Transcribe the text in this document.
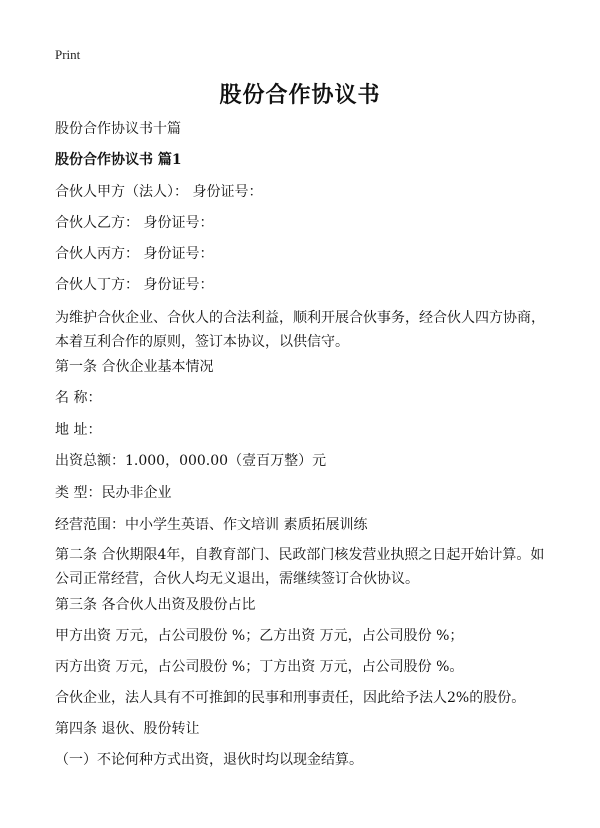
Print
股份合作协议书
股份合作协议书十篇
股份合作协议书 篇1
合伙人甲方（法人）： 身份证号：
合伙人乙方： 身份证号：
合伙人丙方： 身份证号：
合伙人丁方： 身份证号：
为维护合伙企业、合伙人的合法利益，顺利开展合伙事务，经合伙人四方协商，本着互利合作的原则，签订本协议，以供信守。
第一条 合伙企业基本情况
名 称：
地 址：
出资总额：1.000，000.00（壹百万整）元
类 型：民办非企业
经营范围：中小学生英语、作文培训 素质拓展训练
第二条 合伙期限4年，自教育部门、民政部门核发营业执照之日起开始计算。如公司正常经营，合伙人均无义退出，需继续签订合伙协议。
第三条 各合伙人出资及股份占比
甲方出资 万元，占公司股份 %；乙方出资 万元，占公司股份 %；
丙方出资 万元，占公司股份 %；丁方出资 万元，占公司股份 %。
合伙企业，法人具有不可推卸的民事和刑事责任，因此给予法人2%的股份。
第四条 退伙、股份转让
（一）不论何种方式出资，退伙时均以现金结算。
